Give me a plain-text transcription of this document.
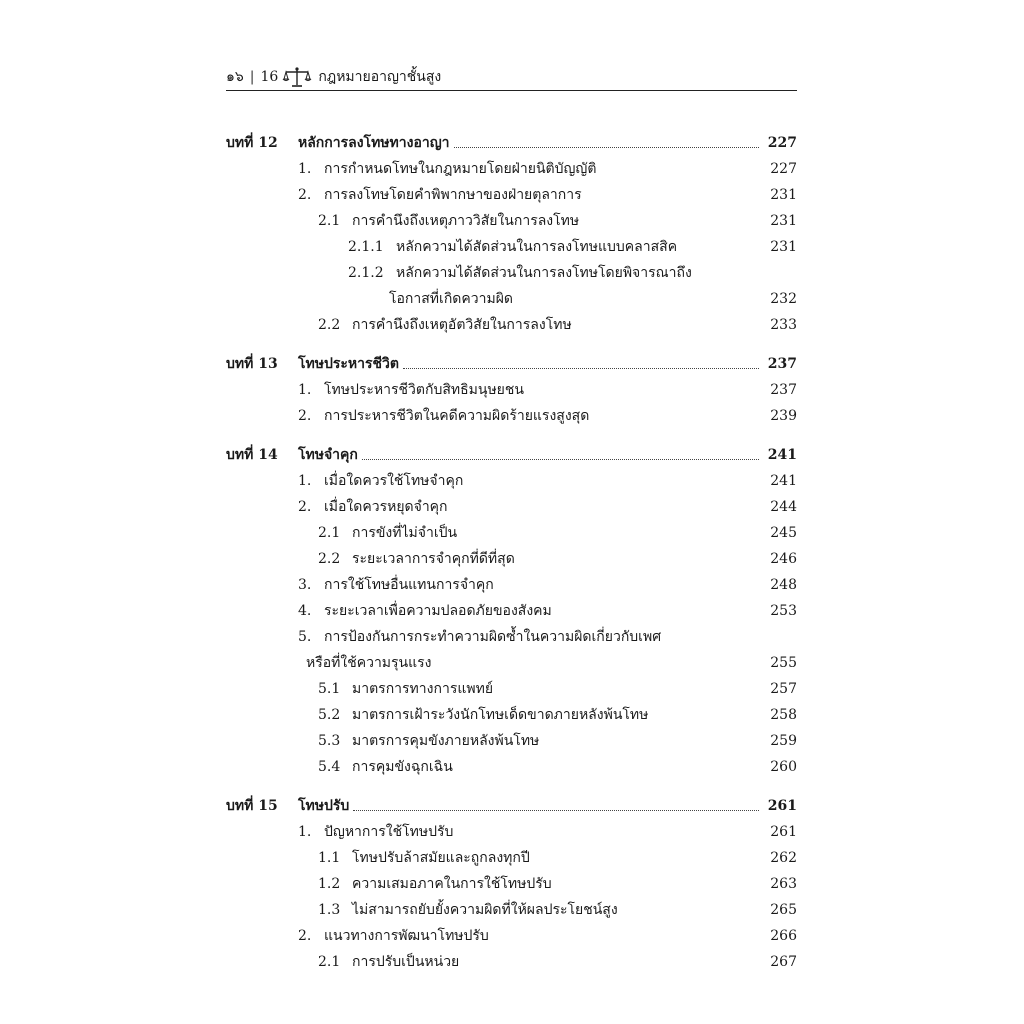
๑๖ | 16	กฎหมายอาญาชั้นสูง
บทที่ 12	หลักการลงโทษทางอาญา	227
1. การกำหนดโทษในกฎหมายโดยฝ่ายนิติบัญญัติ	227
2. การลงโทษโดยคำพิพากษาของฝ่ายตุลาการ	231
2.1 การคำนึงถึงเหตุภาววิสัยในการลงโทษ	231
2.1.1 หลักความได้สัดส่วนในการลงโทษแบบคลาสสิค	231
2.1.2 หลักความได้สัดส่วนในการลงโทษโดยพิจารณาถึง
โอกาสที่เกิดความผิด	232
2.2 การคำนึงถึงเหตุอัตวิสัยในการลงโทษ	233
บทที่ 13	โทษประหารชีวิต	237
1. โทษประหารชีวิตกับสิทธิมนุษยชน	237
2. การประหารชีวิตในคดีความผิดร้ายแรงสูงสุด	239
บทที่ 14	โทษจำคุก	241
1. เมื่อใดควรใช้โทษจำคุก	241
2. เมื่อใดควรหยุดจำคุก	244
2.1 การขังที่ไม่จำเป็น	245
2.2 ระยะเวลาการจำคุกที่ดีที่สุด	246
3. การใช้โทษอื่นแทนการจำคุก	248
4. ระยะเวลาเพื่อความปลอดภัยของสังคม	253
5. การป้องกันการกระทำความผิดซ้ำในความผิดเกี่ยวกับเพศ
หรือที่ใช้ความรุนแรง	255
5.1 มาตรการทางการแพทย์	257
5.2 มาตรการเฝ้าระวังนักโทษเด็ดขาดภายหลังพ้นโทษ	258
5.3 มาตรการคุมขังภายหลังพ้นโทษ	259
5.4 การคุมขังฉุกเฉิน	260
บทที่ 15	โทษปรับ	261
1. ปัญหาการใช้โทษปรับ	261
1.1 โทษปรับล้าสมัยและถูกลงทุกปี	262
1.2 ความเสมอภาคในการใช้โทษปรับ	263
1.3 ไม่สามารถยับยั้งความผิดที่ให้ผลประโยชน์สูง	265
2. แนวทางการพัฒนาโทษปรับ	266
2.1 การปรับเป็นหน่วย	267
